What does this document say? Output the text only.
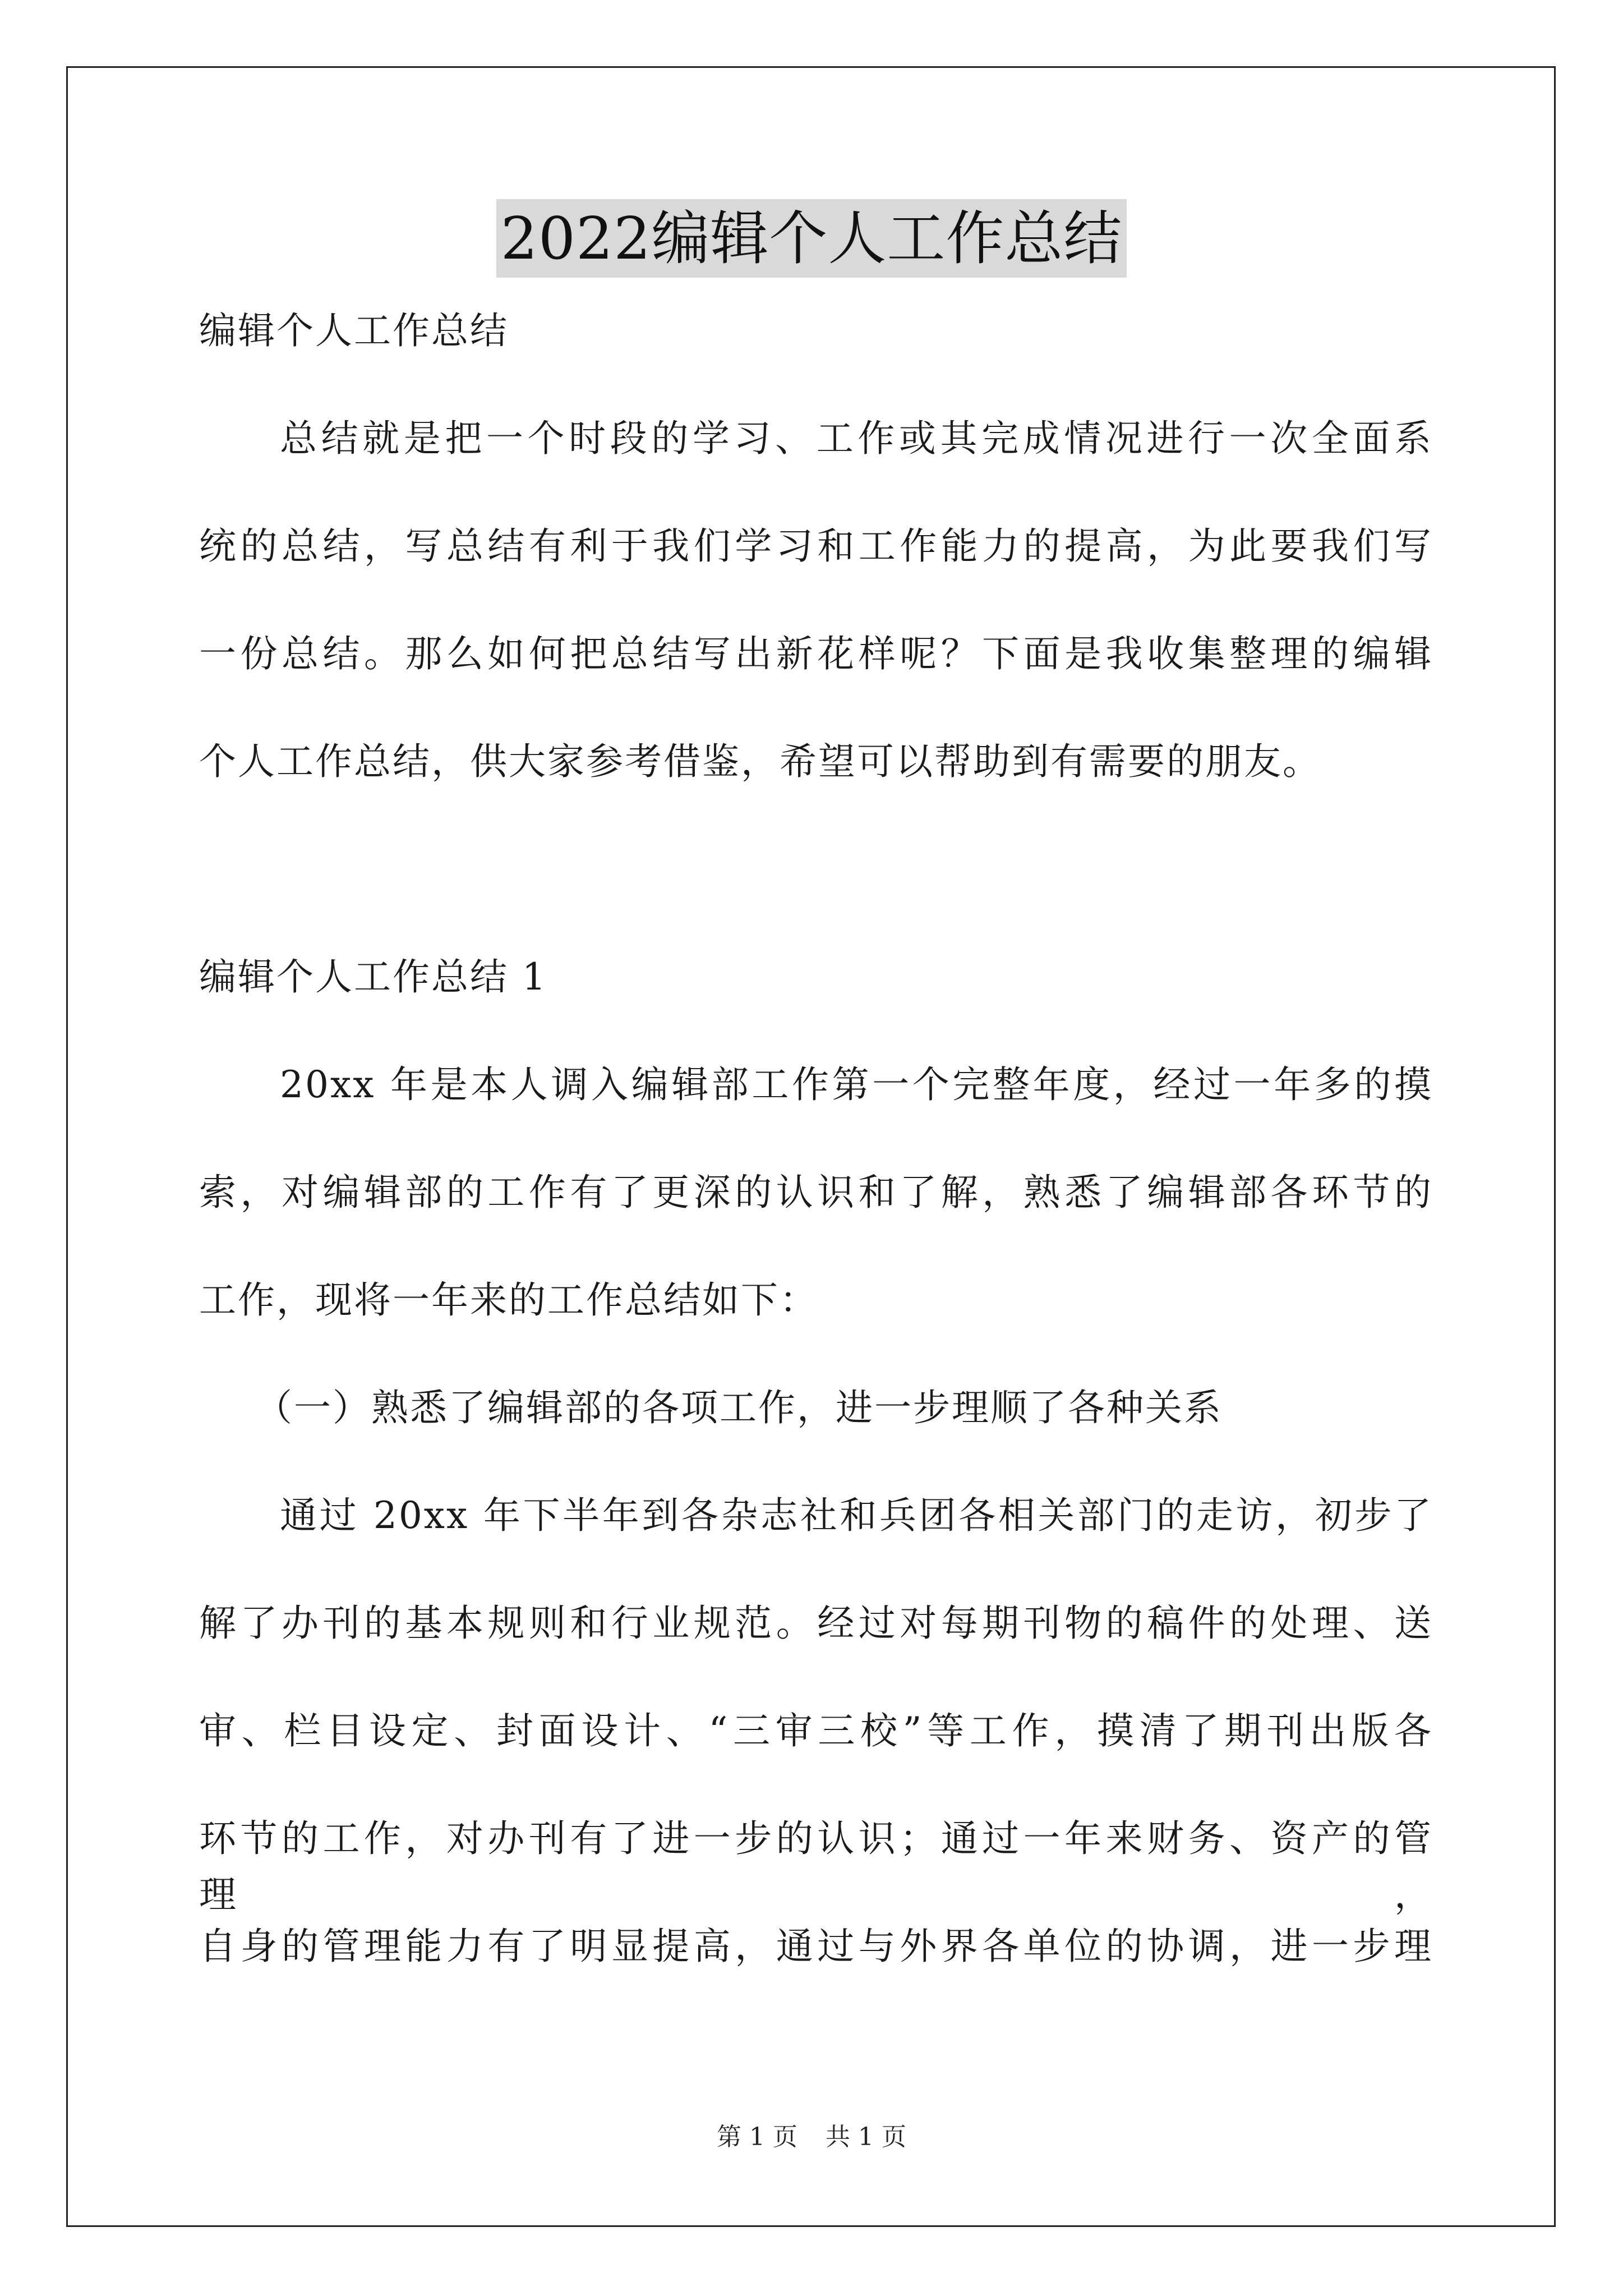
2022编辑个人工作总结
编辑个人工作总结
总结就是把一个时段的学习、工作或其完成情况进行一次全面系
统的总结，写总结有利于我们学习和工作能力的提高，为此要我们写
一份总结。那么如何把总结写出新花样呢？下面是我收集整理的编辑
个人工作总结，供大家参考借鉴，希望可以帮助到有需要的朋友。
编辑个人工作总结 1
20xx 年是本人调入编辑部工作第一个完整年度，经过一年多的摸
索，对编辑部的工作有了更深的认识和了解，熟悉了编辑部各环节的
工作，现将一年来的工作总结如下：
（一）熟悉了编辑部的各项工作，进一步理顺了各种关系
通过 20xx 年下半年到各杂志社和兵团各相关部门的走访，初步了
解了办刊的基本规则和行业规范。经过对每期刊物的稿件的处理、送
审、栏目设定、封面设计、“三审三校”等工作，摸清了期刊出版各
环节的工作，对办刊有了进一步的认识；通过一年来财务、资产的管理，
自身的管理能力有了明显提高，通过与外界各单位的协调，进一步理
第 1 页 共 1 页
